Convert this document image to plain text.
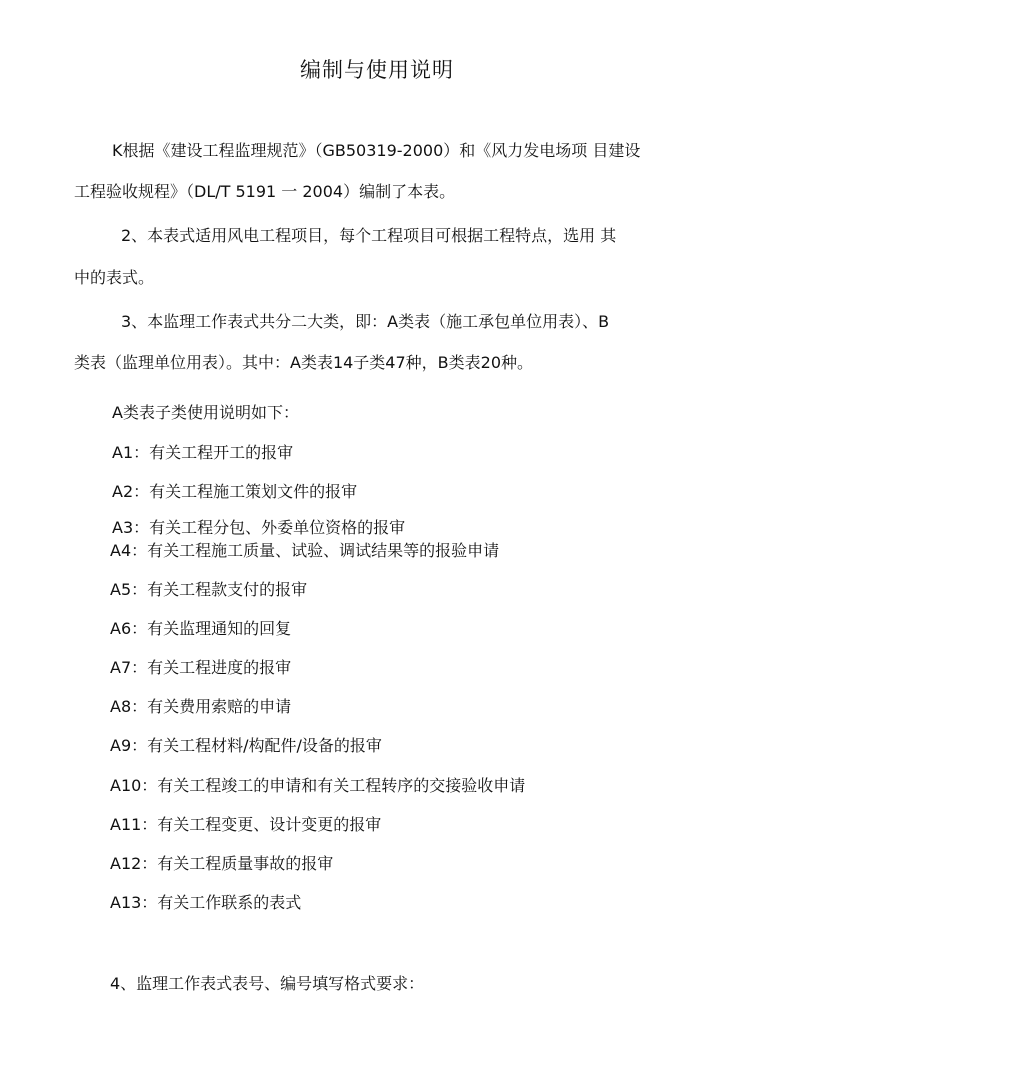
编制与使用说明
K根据《建设工程监理规范》（GB50319-2000）和《风力发电场项 目建设
工程验收规程》（DL/T 5191 一 2004）编制了本表。
2、本表式适用风电工程项目，每个工程项目可根据工程特点，选用 其
中的表式。
3、本监理工作表式共分二大类，即：A类表（施工承包单位用表）、B
类表（监理单位用表）。其中：A类表14子类47种，B类表20种。
A类表子类使用说明如下：
A1：有关工程开工的报审
A2：有关工程施工策划文件的报审
A3：有关工程分包、外委单位资格的报审
A4：有关工程施工质量、试验、调试结果等的报验申请
A5：有关工程款支付的报审
A6：有关监理通知的回复
A7：有关工程进度的报审
A8：有关费用索赔的申请
A9：有关工程材料/构配件/设备的报审
A10：有关工程竣工的申请和有关工程转序的交接验收申请
A11：有关工程变更、设计变更的报审
A12：有关工程质量事故的报审
A13：有关工作联系的表式
4、监理工作表式表号、编号填写格式要求：
